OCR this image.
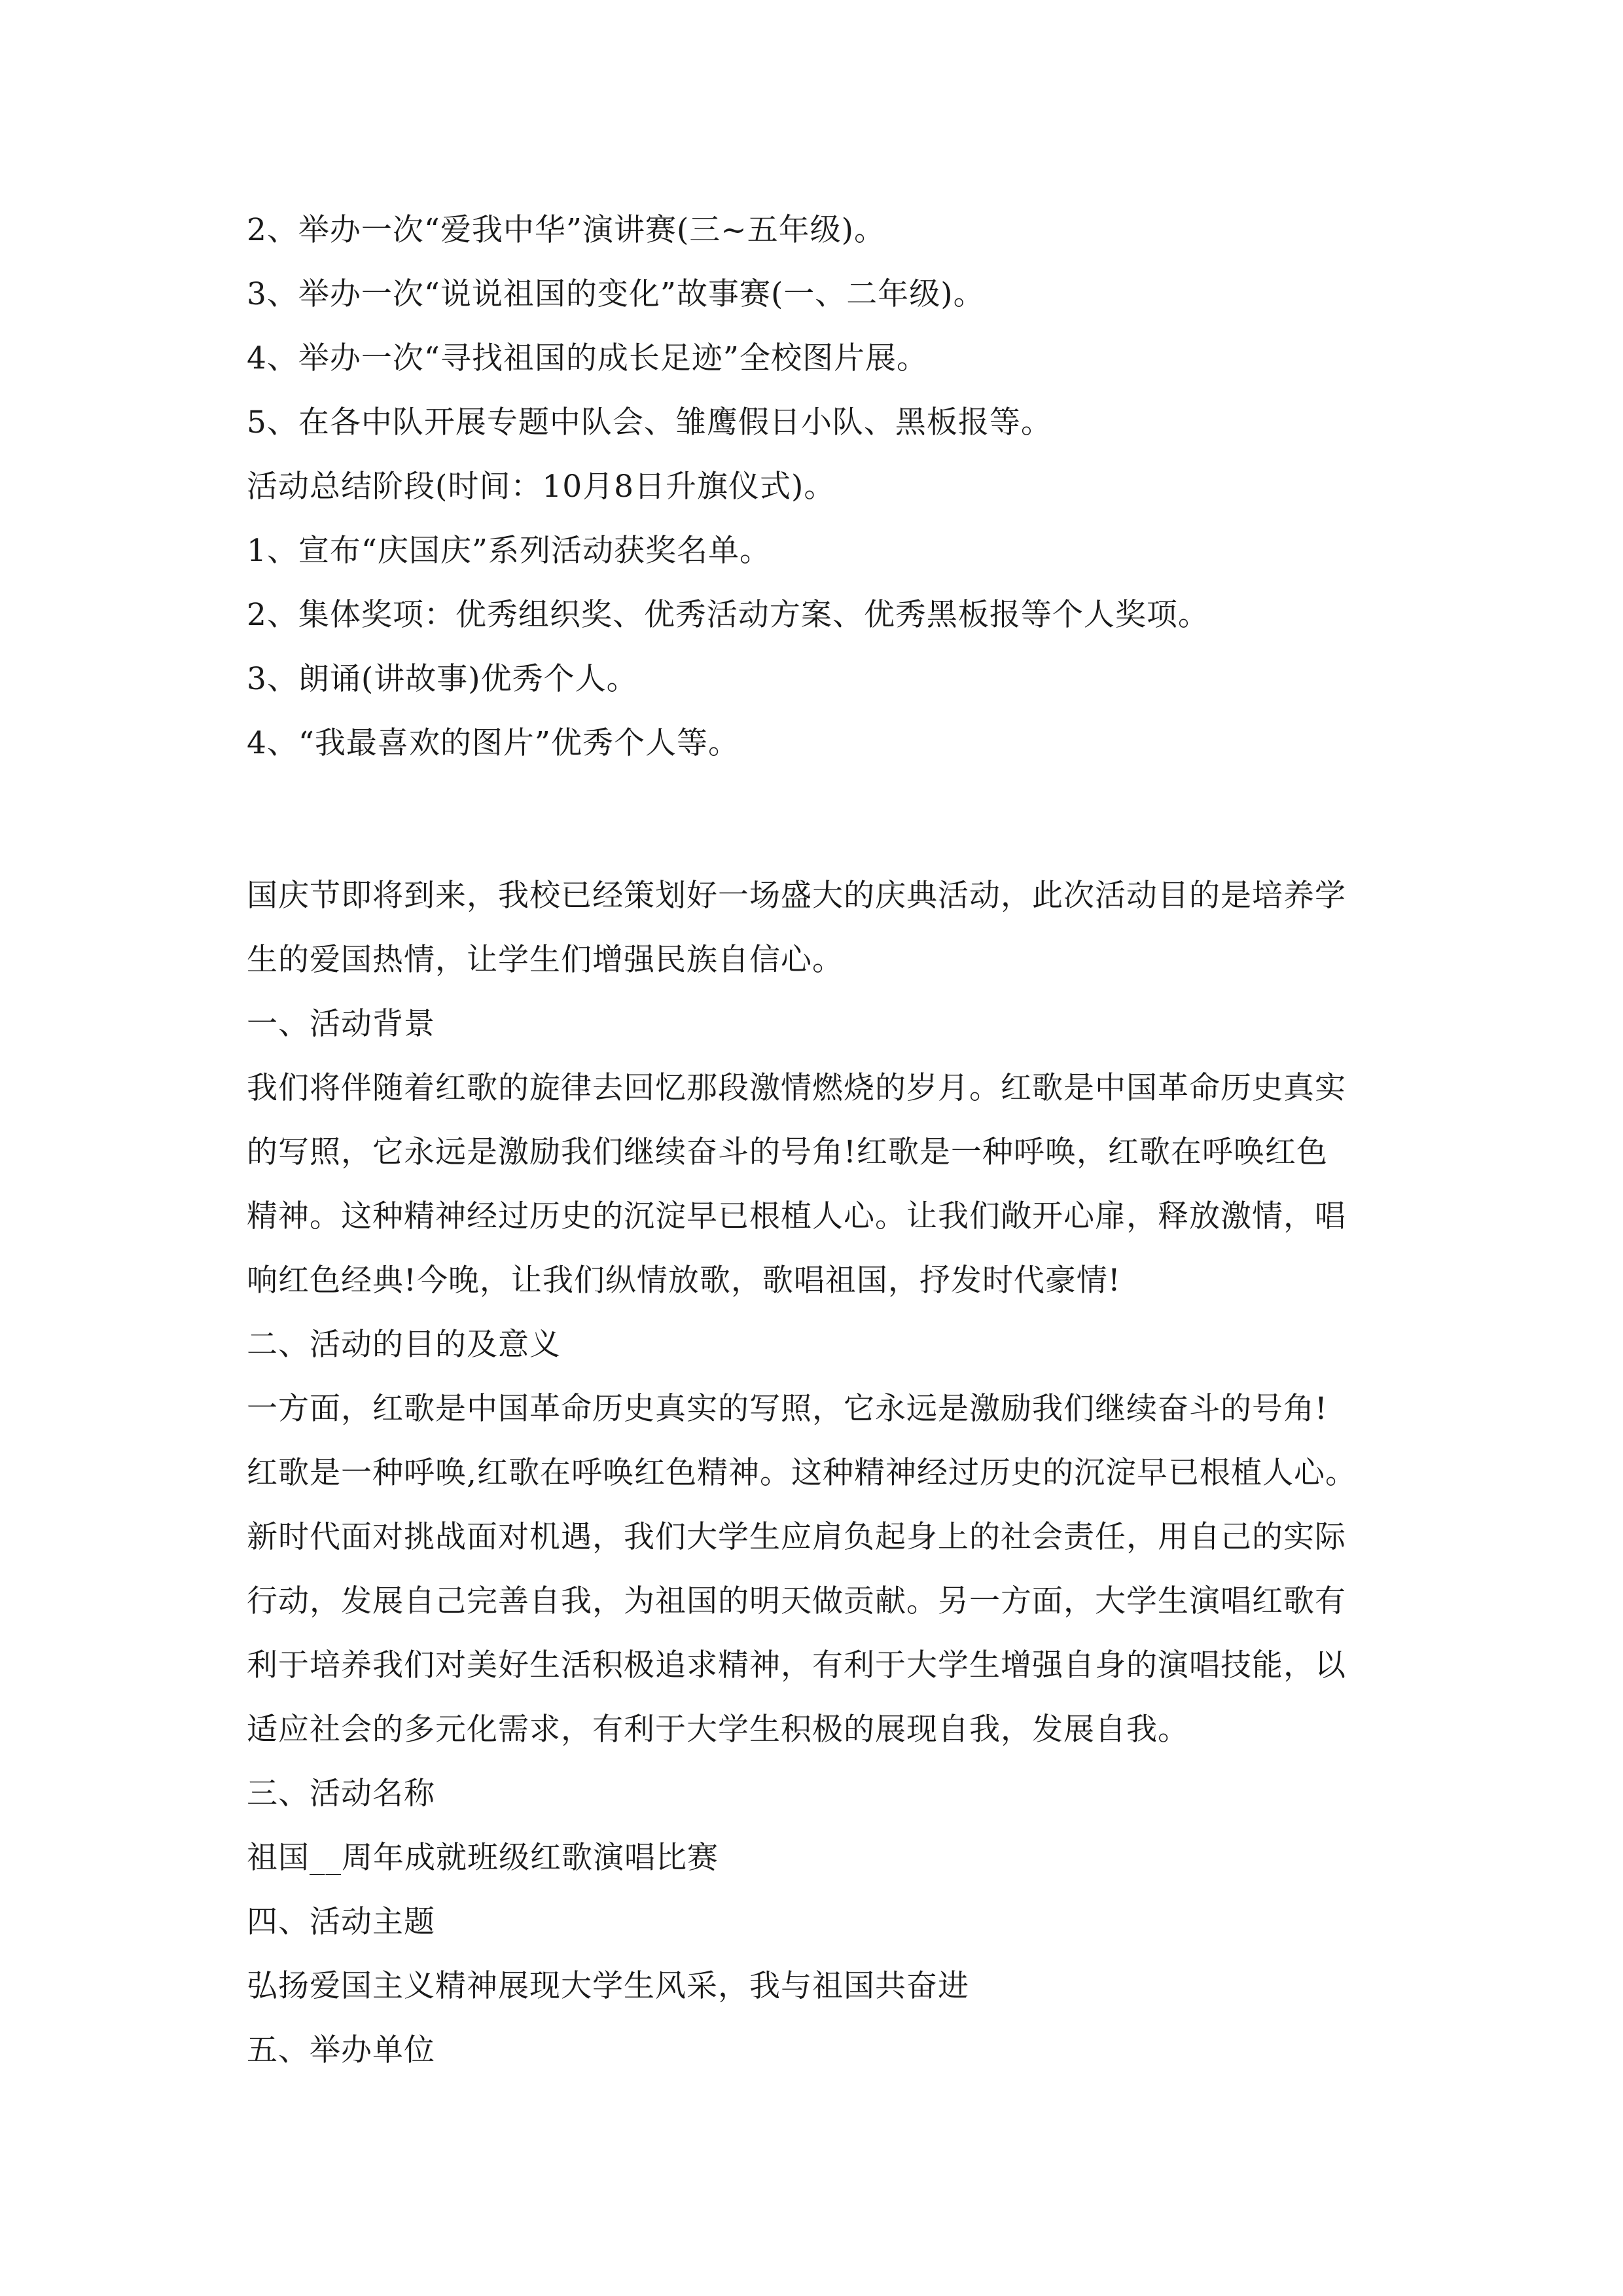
2、举办一次“爱我中华”演讲赛(三~五年级)。
3、举办一次“说说祖国的变化”故事赛(一、二年级)。
4、举办一次“寻找祖国的成长足迹”全校图片展。
5、在各中队开展专题中队会、雏鹰假日小队、黑板报等。
活动总结阶段(时间：10月8日升旗仪式)。
1、宣布“庆国庆”系列活动获奖名单。
2、集体奖项：优秀组织奖、优秀活动方案、优秀黑板报等个人奖项。
3、朗诵(讲故事)优秀个人。
4、“我最喜欢的图片”优秀个人等。
国庆节即将到来，我校已经策划好一场盛大的庆典活动，此次活动目的是培养学
生的爱国热情，让学生们增强民族自信心。
一、活动背景
我们将伴随着红歌的旋律去回忆那段激情燃烧的岁月。红歌是中国革命历史真实
的写照，它永远是激励我们继续奋斗的号角!红歌是一种呼唤，红歌在呼唤红色
精神。这种精神经过历史的沉淀早已根植人心。让我们敞开心扉，释放激情，唱
响红色经典!今晚，让我们纵情放歌，歌唱祖国，抒发时代豪情!
二、活动的目的及意义
一方面，红歌是中国革命历史真实的写照，它永远是激励我们继续奋斗的号角!
红歌是一种呼唤,红歌在呼唤红色精神。这种精神经过历史的沉淀早已根植人心。
新时代面对挑战面对机遇，我们大学生应肩负起身上的社会责任，用自己的实际
行动，发展自己完善自我，为祖国的明天做贡献。另一方面，大学生演唱红歌有
利于培养我们对美好生活积极追求精神，有利于大学生增强自身的演唱技能，以
适应社会的多元化需求，有利于大学生积极的展现自我，发展自我。
三、活动名称
祖国__周年成就班级红歌演唱比赛
四、活动主题
弘扬爱国主义精神展现大学生风采，我与祖国共奋进
五、举办单位
